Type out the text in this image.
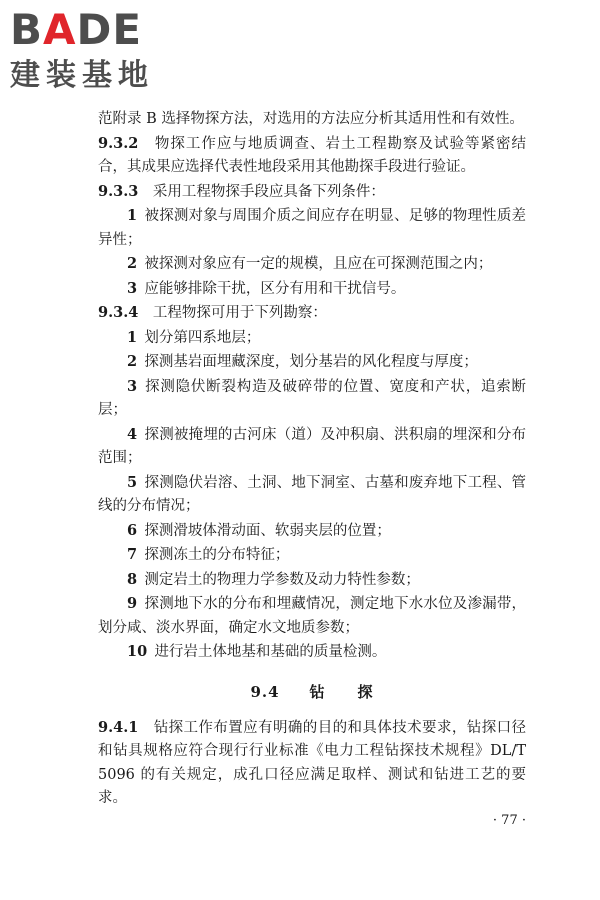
BADE
建装基地

范附录 B 选择物探方法，对选用的方法应分析其适用性和有效性。

9.3.2　 物探工作应与地质调查、岩土工程勘察及试验等紧密结合，其成果应选择代表性地段采用其他勘探手段进行验证。

9.3.3　 采用工程物探手段应具备下列条件：

1  被探测对象与周围介质之间应存在明显、足够的物理性质差异性；

2  被探测对象应有一定的规模，且应在可探测范围之内；

3  应能够排除干扰，区分有用和干扰信号。

9.3.4　 工程物探可用于下列勘察：

1  划分第四系地层；

2  探测基岩面埋藏深度，划分基岩的风化程度与厚度；

3  探测隐伏断裂构造及破碎带的位置、宽度和产状，追索断层；

4  探测被掩埋的古河床（道）及冲积扇、洪积扇的埋深和分布范围；

5  探测隐伏岩溶、土洞、地下洞室、古墓和废弃地下工程、管线的分布情况；

6  探测滑坡体滑动面、软弱夹层的位置；

7  探测冻土的分布特征；

8  测定岩土的物理力学参数及动力特性参数；

9  探测地下水的分布和埋藏情况，测定地下水水位及渗漏带，划分咸、淡水界面，确定水文地质参数；

10  进行岩土体地基和基础的质量检测。

9.4 钻　　探

9.4.1　 钻探工作布置应有明确的目的和具体技术要求，钻探口径和钻具规格应符合现行行业标准《电力工程钻探技术规程》DL/T 5096 的有关规定，成孔口径应满足取样、测试和钻进工艺的要求。

· 77 ·
